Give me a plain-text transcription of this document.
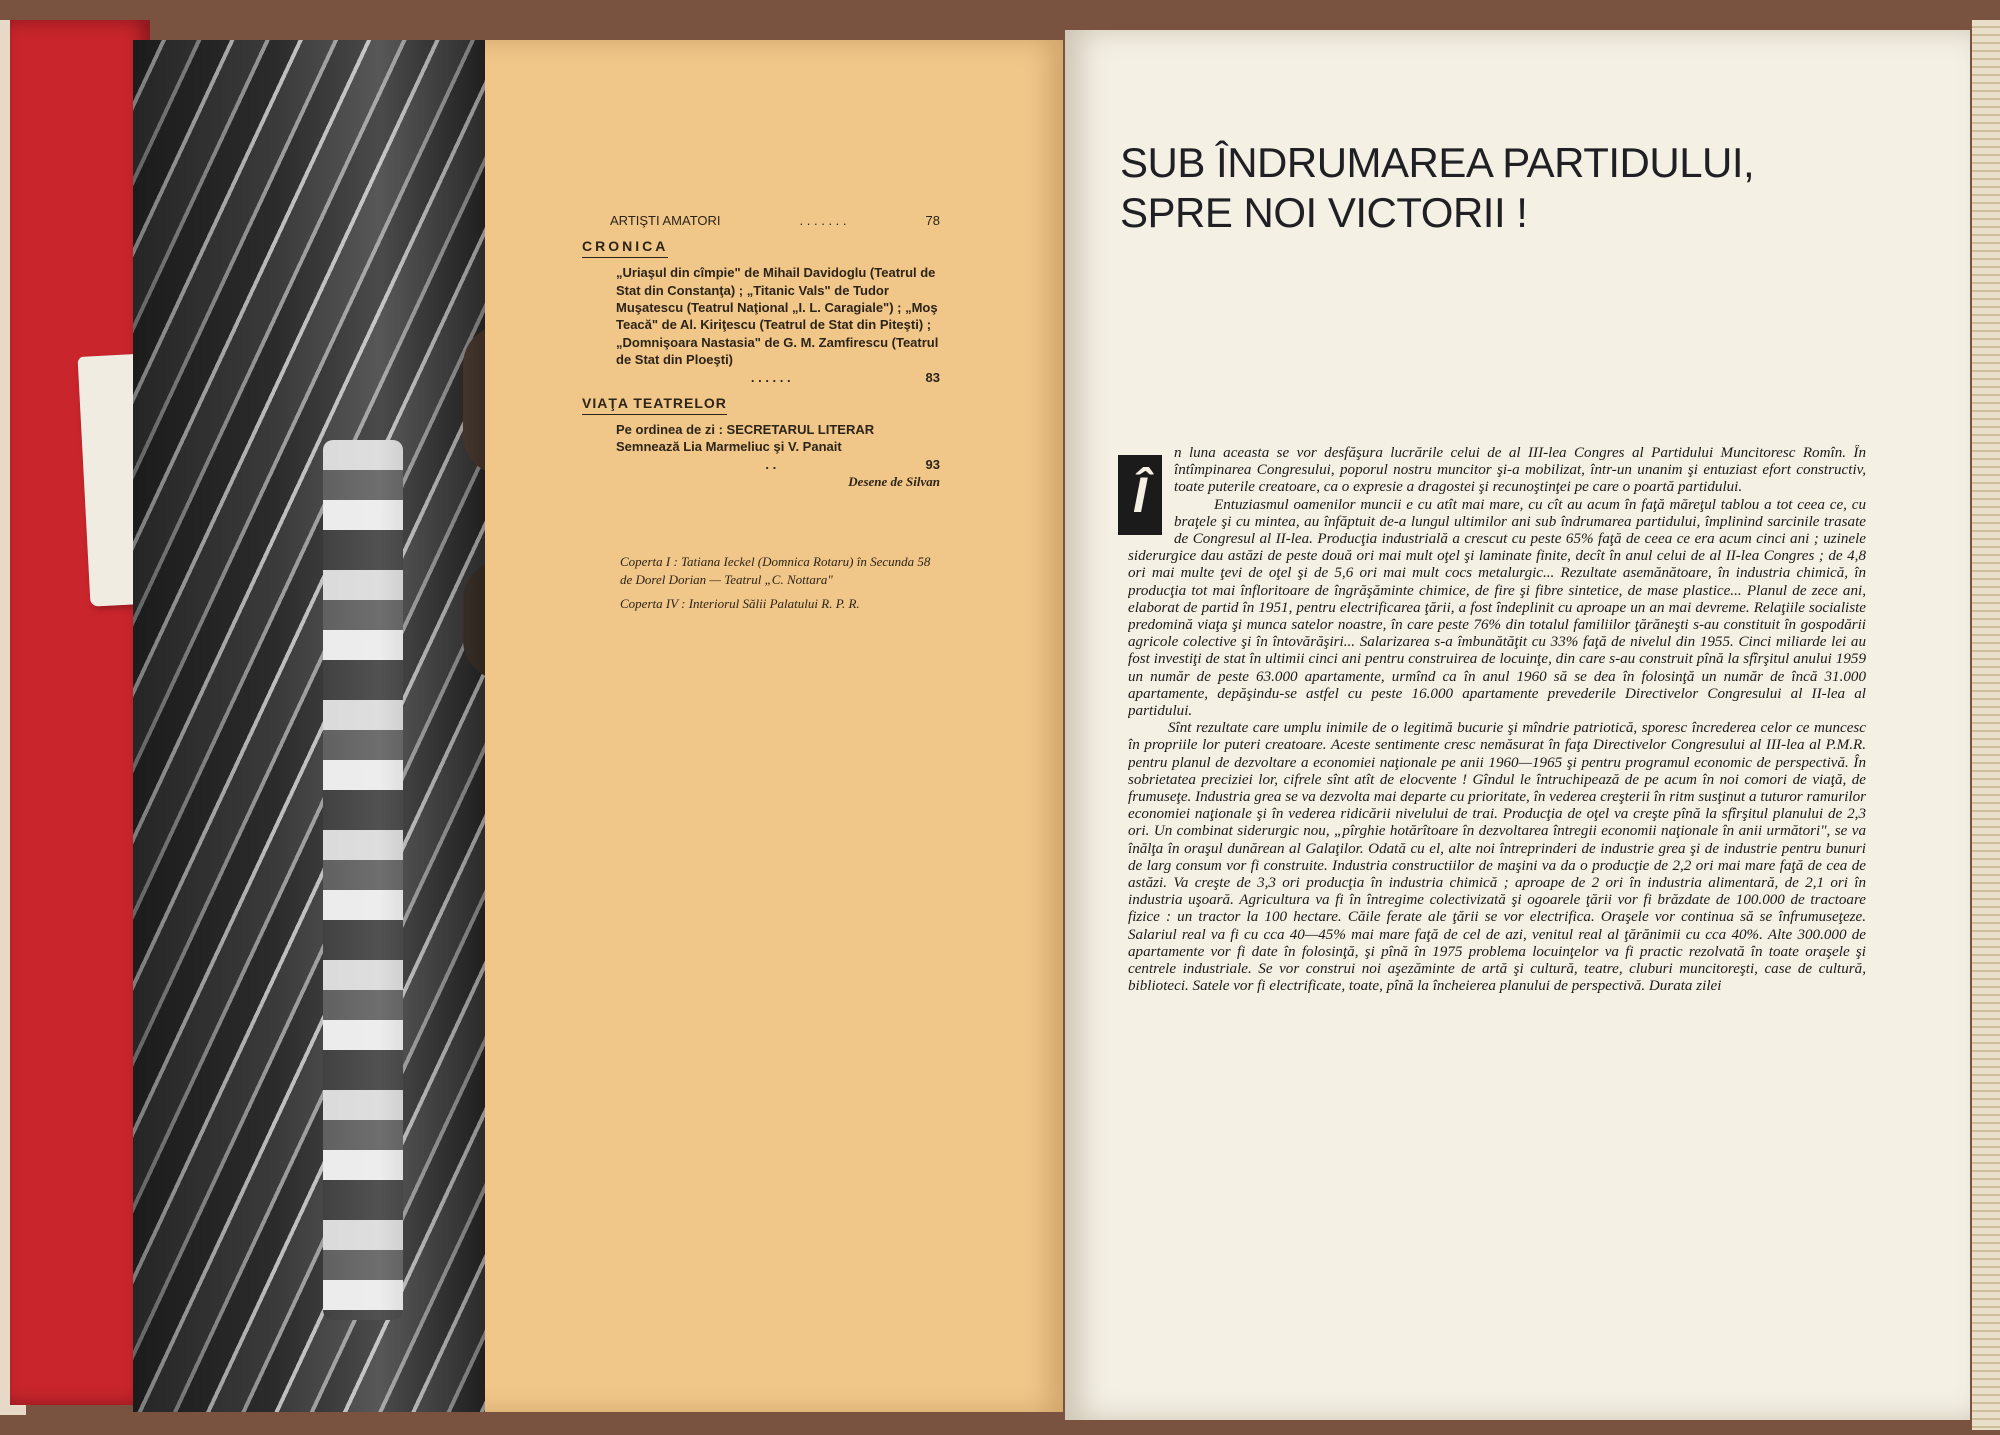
ARTIŞTI AMATORI	. . . . . . .	78
CRONICA
„Uriaşul din cîmpie" de Mihail Davidoglu (Teatrul de Stat din Constanţa) ; „Titanic Vals" de Tudor Muşatescu (Teatrul Naţional „I. L. Caragiale") ; „Moş Teacă" de Al. Kiriţescu (Teatrul de Stat din Piteşti) ; „Domnişoara Nastasia" de G. M. Zamfirescu (Teatrul de Stat din Ploeşti)
. . . . . .	83
VIAŢA TEATRELOR
Pe ordinea de zi : SECRETARUL LITERAR Semnează Lia Marmeliuc şi V. Panait
. .	93
Desene de Silvan

Coperta I : Tatiana Ieckel (Domnica Rotaru) în Secunda 58 de Dorel Dorian — Teatrul „C. Nottara"

Coperta IV : Interiorul Sălii Palatului R. P. R.

SUB ÎNDRUMAREA PARTIDULUI,
SPRE NOI VICTORII !
Î

n luna aceasta se vor desfăşura lucrările celui de al III-lea Congres al Partidului Muncitoresc Romîn. În întîmpinarea Congresului, poporul nostru muncitor şi-a mobilizat, într-un unanim şi entuziast efort constructiv, toate puterile creatoare, ca o expresie a dragostei şi recunoştinţei pe care o poartă partidului.

Entuziasmul oamenilor muncii e cu atît mai mare, cu cît au acum în faţă măreţul tablou a tot ceea ce, cu braţele şi cu mintea, au înfăptuit de-a lungul ultimilor ani sub îndrumarea partidului, împlinind sarcinile trasate de Congresul al II-lea. Producţia industrială a crescut cu peste 65% faţă de ceea ce era acum cinci ani ; uzinele siderurgice dau astăzi de peste două ori mai mult oţel şi laminate finite, decît în anul celui de al II-lea Congres ; de 4,8 ori mai multe ţevi de oţel şi de 5,6 ori mai mult cocs metalurgic... Rezultate asemănătoare, în industria chimică, în producţia tot mai înfloritoare de îngrăşăminte chimice, de fire şi fibre sintetice, de mase plastice... Planul de zece ani, elaborat de partid în 1951, pentru electrificarea ţării, a fost îndeplinit cu aproape un an mai devreme. Relaţiile socialiste predomină viaţa şi munca satelor noastre, în care peste 76% din totalul familiilor ţărăneşti s-au constituit în gospodării agricole colective şi în întovărăşiri... Salarizarea s-a îmbunătăţit cu 33% faţă de nivelul din 1955. Cinci miliarde lei au fost investiţi de stat în ultimii cinci ani pentru construirea de locuinţe, din care s-au construit pînă la sfîrşitul anului 1959 un număr de peste 63.000 apartamente, urmînd ca în anul 1960 să se dea în folosinţă un număr de încă 31.000 apartamente, depăşindu-se astfel cu peste 16.000 apartamente prevederile Directivelor Congresului al II-lea al partidului.

Sînt rezultate care umplu inimile de o legitimă bucurie şi mîndrie patriotică, sporesc încrederea celor ce muncesc în propriile lor puteri creatoare. Aceste sentimente cresc nemăsurat în faţa Directivelor Congresului al III-lea al P.M.R. pentru planul de dezvoltare a economiei naţionale pe anii 1960—1965 şi pentru programul economic de perspectivă. În sobrietatea preciziei lor, cifrele sînt atît de elocvente ! Gîndul le întruchipează de pe acum în noi comori de viaţă, de frumuseţe. Industria grea se va dezvolta mai departe cu prioritate, în vederea creşterii în ritm susţinut a tuturor ramurilor economiei naţionale şi în vederea ridicării nivelului de trai. Producţia de oţel va creşte pînă la sfîrşitul planului de 2,3 ori. Un combinat siderurgic nou, „pîrghie hotărîtoare în dezvoltarea întregii economii naţionale în anii următori", se va înălţa în oraşul dunărean al Galaţilor. Odată cu el, alte noi întreprinderi de industrie grea şi de industrie pentru bunuri de larg consum vor fi construite. Industria constructiilor de maşini va da o producţie de 2,2 ori mai mare faţă de cea de astăzi. Va creşte de 3,3 ori producţia în industria chimică ; aproape de 2 ori în industria alimentară, de 2,1 ori în industria uşoară. Agricultura va fi în întregime colectivizată şi ogoarele ţării vor fi brăzdate de 100.000 de tractoare fizice : un tractor la 100 hectare. Căile ferate ale ţării se vor electrifica. Oraşele vor continua să se înfrumuseţeze. Salariul real va fi cu cca 40—45% mai mare faţă de cel de azi, venitul real al ţărănimii cu cca 40%. Alte 300.000 de apartamente vor fi date în folosinţă, şi pînă în 1975 problema locuinţelor va fi practic rezolvată în toate oraşele şi centrele industriale. Se vor construi noi aşezăminte de artă şi cultură, teatre, cluburi muncitoreşti, case de cultură, biblioteci. Satele vor fi electrificate, toate, pînă la încheierea planului de perspectivă. Durata zilei
